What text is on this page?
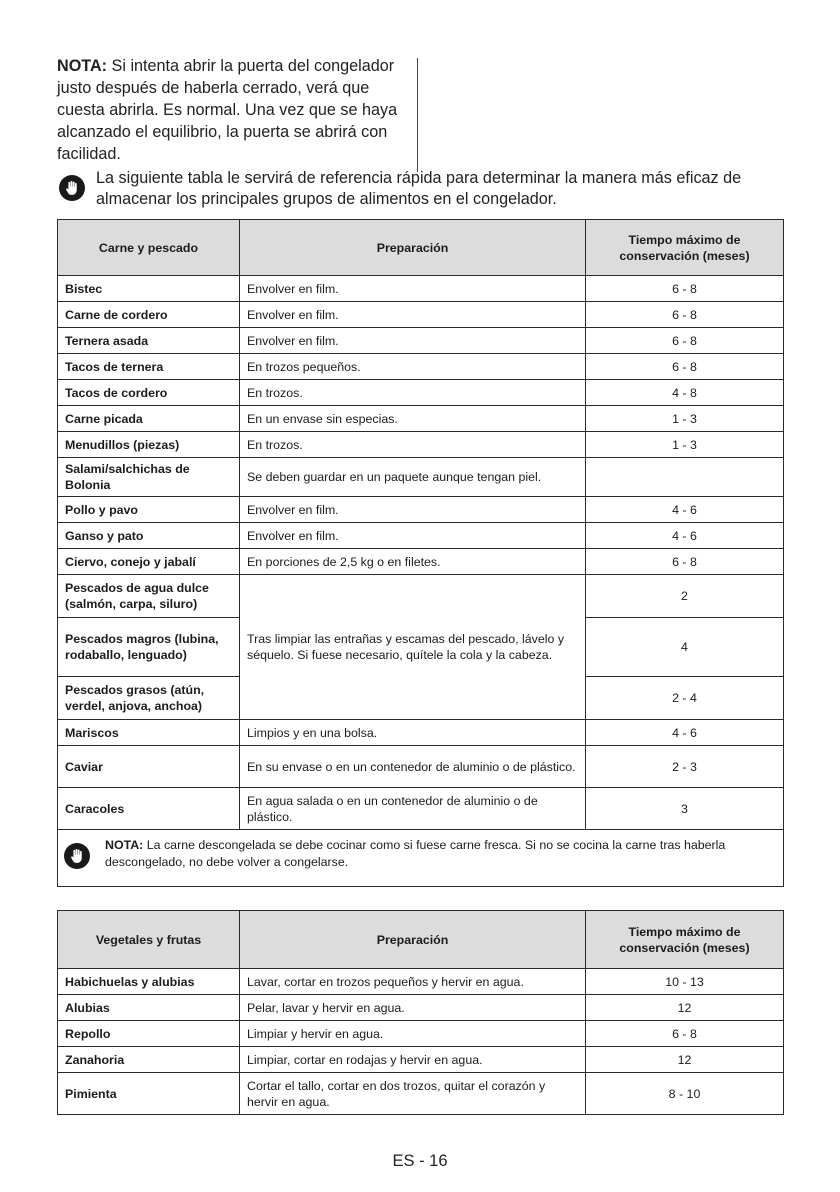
NOTA: Si intenta abrir la puerta del congelador justo después de haberla cerrado, verá que cuesta abrirla. Es normal. Una vez que se haya alcanzado el equilibrio, la puerta se abrirá con facilidad.
La siguiente tabla le servirá de referencia rápida para determinar la manera más eficaz de almacenar los principales grupos de alimentos en el congelador.
Carne y pescado	Preparación	Tiempo máximo de conservación (meses)
Bistec	Envolver en film.	6 - 8
Carne de cordero	Envolver en film.	6 - 8
Ternera asada	Envolver en film.	6 - 8
Tacos de ternera	En trozos pequeños.	6 - 8
Tacos de cordero	En trozos.	4 - 8
Carne picada	En un envase sin especias.	1 - 3
Menudillos (piezas)	En trozos.	1 - 3
Salami/salchichas de Bolonia	Se deben guardar en un paquete aunque tengan piel.	
Pollo y pavo	Envolver en film.	4 - 6
Ganso y pato	Envolver en film.	4 - 6
Ciervo, conejo y jabalí	En porciones de 2,5 kg o en filetes.	6 - 8
Pescados de agua dulce (salmón, carpa, siluro)	Tras limpiar las entrañas y escamas del pescado, lávelo y séquelo. Si fuese necesario, quítele la cola y la cabeza.	2
Pescados magros (lubina, rodaballo, lenguado)		4
Pescados grasos (atún, verdel, anjova, anchoa)		2 - 4
Mariscos	Limpios y en una bolsa.	4 - 6
Caviar	En su envase o en un contenedor de aluminio o de plástico.	2 - 3
Caracoles	En agua salada o en un contenedor de aluminio o de plástico.	3

NOTA: La carne descongelada se debe cocinar como si fuese carne fresca. Si no se cocina la carne tras haberla descongelado, no debe volver a congelarse.		
Vegetales y frutas	Preparación	Tiempo máximo de conservación (meses)
Habichuelas y alubias	Lavar, cortar en trozos pequeños y hervir en agua.	10 - 13
Alubias	Pelar, lavar y hervir en agua.	12
Repollo	Limpiar y hervir en agua.	6 - 8
Zanahoria	Limpiar, cortar en rodajas y hervir en agua.	12
Pimienta	Cortar el tallo, cortar en dos trozos, quitar el corazón y hervir en agua.	8 - 10
ES - 16
